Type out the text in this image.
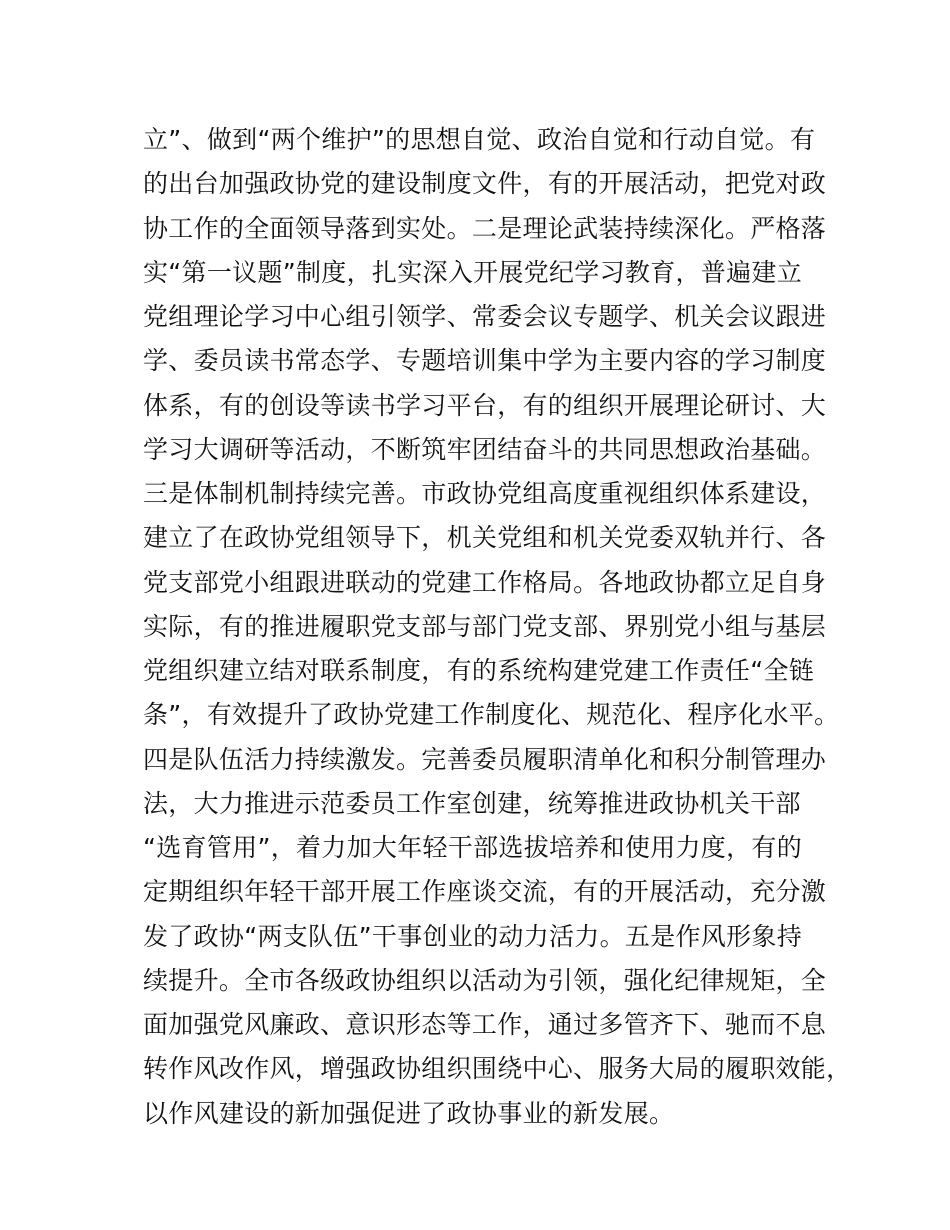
立”、做到“两个维护”的思想自觉、政治自觉和行动自觉。有
的出台加强政协党的建设制度文件，有的开展活动，把党对政
协工作的全面领导落到实处。二是理论武装持续深化。严格落
实“第一议题”制度，扎实深入开展党纪学习教育，普遍建立
党组理论学习中心组引领学、常委会议专题学、机关会议跟进
学、委员读书常态学、专题培训集中学为主要内容的学习制度
体系，有的创设等读书学习平台，有的组织开展理论研讨、大
学习大调研等活动，不断筑牢团结奋斗的共同思想政治基础。
三是体制机制持续完善。市政协党组高度重视组织体系建设，
建立了在政协党组领导下，机关党组和机关党委双轨并行、各
党支部党小组跟进联动的党建工作格局。各地政协都立足自身
实际，有的推进履职党支部与部门党支部、界别党小组与基层
党组织建立结对联系制度，有的系统构建党建工作责任“全链
条”，有效提升了政协党建工作制度化、规范化、程序化水平。
四是队伍活力持续激发。完善委员履职清单化和积分制管理办
法，大力推进示范委员工作室创建，统筹推进政协机关干部
“选育管用”，着力加大年轻干部选拔培养和使用力度，有的
定期组织年轻干部开展工作座谈交流，有的开展活动，充分激
发了政协“两支队伍”干事创业的动力活力。五是作风形象持
续提升。全市各级政协组织以活动为引领，强化纪律规矩，全
面加强党风廉政、意识形态等工作，通过多管齐下、驰而不息
转作风改作风，增强政协组织围绕中心、服务大局的履职效能，
以作风建设的新加强促进了政协事业的新发展。
